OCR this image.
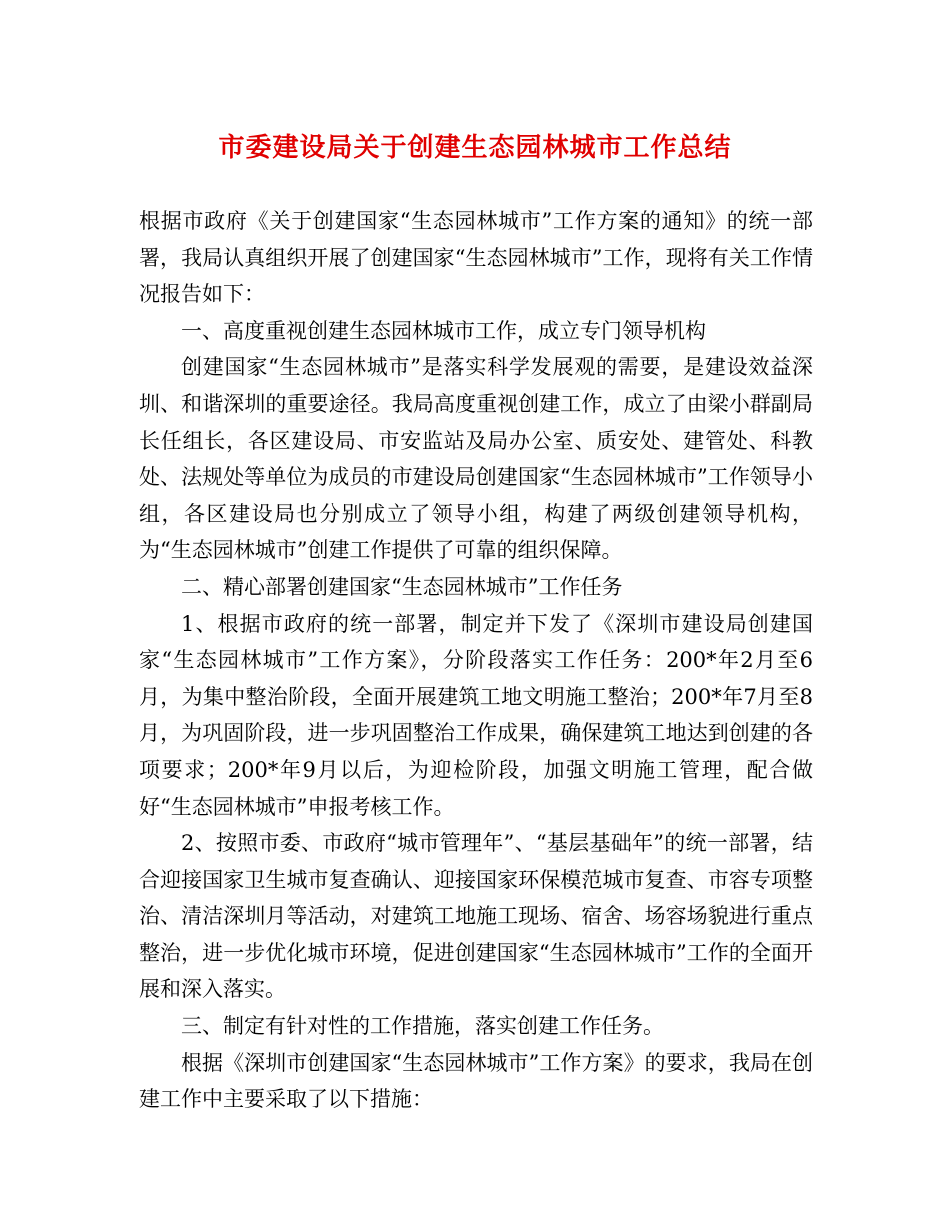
市委建设局关于创建生态园林城市工作总结

根据市政府《关于创建国家“生态园林城市”工作方案的通知》的统一部署，我局认真组织开展了创建国家“生态园林城市”工作，现将有关工作情况报告如下：

一、高度重视创建生态园林城市工作，成立专门领导机构

创建国家“生态园林城市”是落实科学发展观的需要，是建设效益深圳、和谐深圳的重要途径。我局高度重视创建工作，成立了由梁小群副局长任组长，各区建设局、市安监站及局办公室、质安处、建管处、科教处、法规处等单位为成员的市建设局创建国家“生态园林城市”工作领导小组，各区建设局也分别成立了领导小组，构建了两级创建领导机构，为“生态园林城市”创建工作提供了可靠的组织保障。

二、精心部署创建国家“生态园林城市”工作任务

1、根据市政府的统一部署，制定并下发了《深圳市建设局创建国家“生态园林城市”工作方案》，分阶段落实工作任务：200*年2月至6月，为集中整治阶段，全面开展建筑工地文明施工整治；200*年7月至8月，为巩固阶段，进一步巩固整治工作成果，确保建筑工地达到创建的各项要求；200*年9月以后，为迎检阶段，加强文明施工管理，配合做好“生态园林城市”申报考核工作。

2、按照市委、市政府“城市管理年”、“基层基础年”的统一部署，结合迎接国家卫生城市复查确认、迎接国家环保模范城市复查、市容专项整治、清洁深圳月等活动，对建筑工地施工现场、宿舍、场容场貌进行重点整治，进一步优化城市环境，促进创建国家“生态园林城市”工作的全面开展和深入落实。

三、制定有针对性的工作措施，落实创建工作任务。

根据《深圳市创建国家“生态园林城市”工作方案》的要求，我局在创建工作中主要采取了以下措施：
